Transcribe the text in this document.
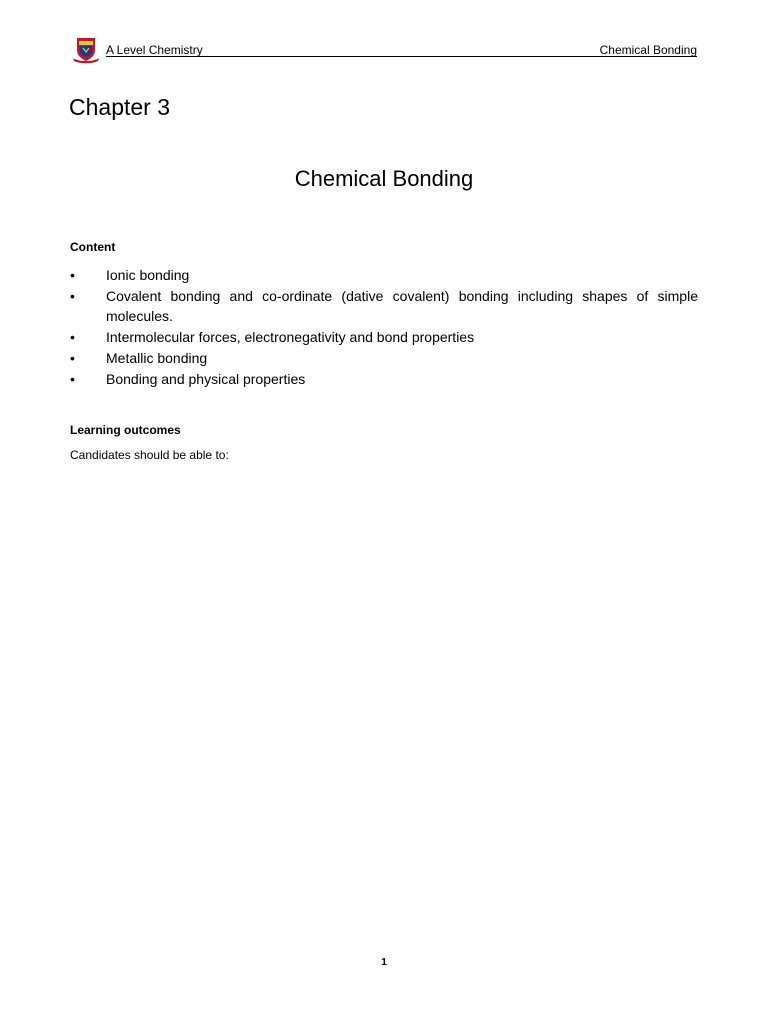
A Level Chemistry	Chemical Bonding
Chapter 3
Chemical Bonding
Content
•	Ionic bonding
•	Covalent bonding and co-ordinate (dative covalent) bonding including shapes of simple molecules.
•	Intermolecular forces, electronegativity and bond properties
•	Metallic bonding
•	Bonding and physical properties
Learning outcomes
Candidates should be able to:
1
